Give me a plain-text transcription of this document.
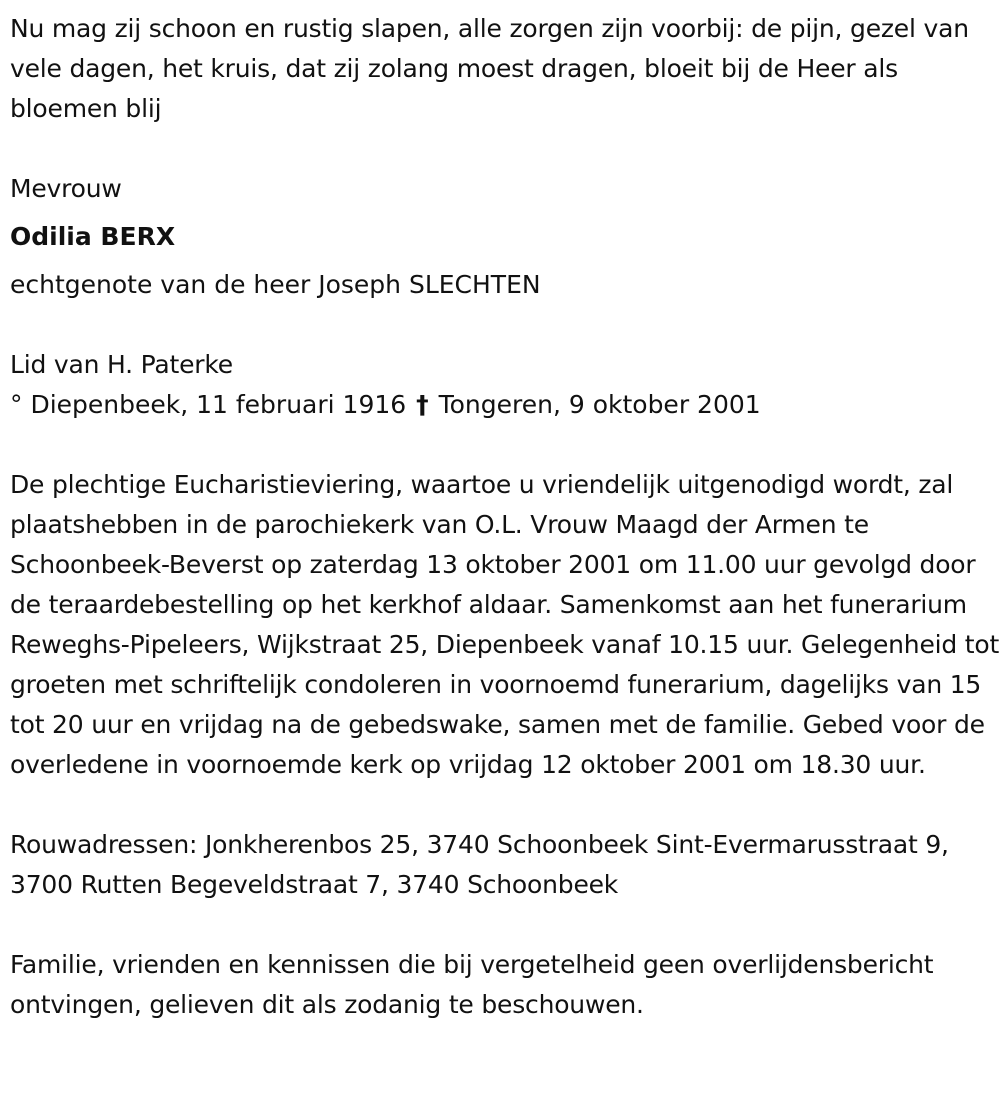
Nu mag zij schoon en rustig slapen, alle zorgen zijn voorbij: de pijn, gezel van vele dagen, het kruis, dat zij zolang moest dragen, bloeit bij de Heer als bloemen blij

Mevrouw

Odilia BERX

echtgenote van de heer Joseph SLECHTEN

Lid van H. Paterke

° Diepenbeek, 11 februari 1916 † Tongeren, 9 oktober 2001

De plechtige Eucharistieviering, waartoe u vriendelijk uitgenodigd wordt, zal plaatshebben in de parochiekerk van O.L. Vrouw Maagd der Armen te Schoonbeek-Beverst op zaterdag 13 oktober 2001 om 11.00 uur gevolgd door de teraardebestelling op het kerkhof aldaar. Samenkomst aan het funerarium Reweghs-Pipeleers, Wijkstraat 25, Diepenbeek vanaf 10.15 uur. Gelegenheid tot groeten met schriftelijk condoleren in voornoemd funerarium, dagelijks van 15 tot 20 uur en vrijdag na de gebedswake, samen met de familie. Gebed voor de overledene in voornoemde kerk op vrijdag 12 oktober 2001 om 18.30 uur.

Rouwadressen: Jonkherenbos 25, 3740 Schoonbeek Sint-Evermarusstraat 9, 3700 Rutten Begeveldstraat 7, 3740 Schoonbeek

Familie, vrienden en kennissen die bij vergetelheid geen overlijdensbericht ontvingen, gelieven dit als zodanig te beschouwen.
